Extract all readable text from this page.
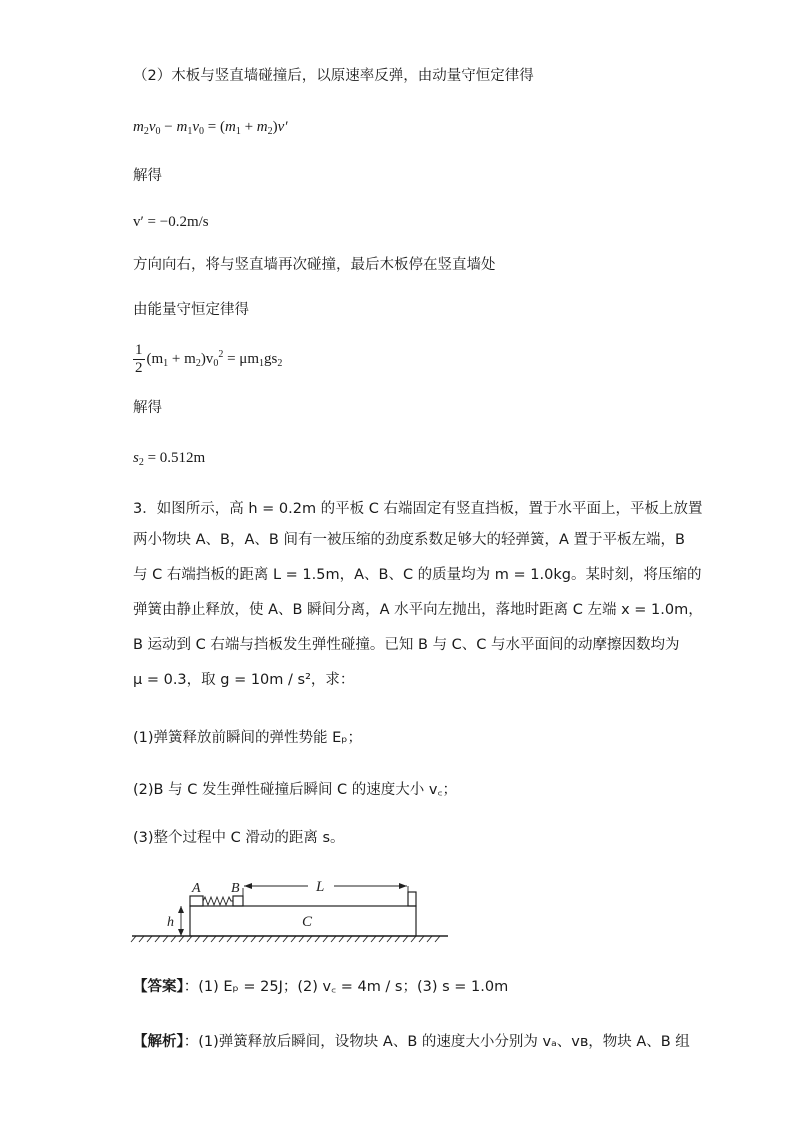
（2）木板与竖直墙碰撞后，以原速率反弹，由动量守恒定律得
$m_2v_0 - m_1v_0 = (m_1 + m_2)v'$
解得
v′ = −0.2m/s
方向向右，将与竖直墙再次碰撞，最后木板停在竖直墙处
由能量守恒定律得
$\frac{1}{2} (m_1 + m_2)v_0^2 = \mu m_1gs_2$
解得
$s_2 = 0.512m$
3．如图所示，高 h = 0.2m 的平板 C 右端固定有竖直挡板，置于水平面上，平板上放置
两小物块 A、B，A、B 间有一被压缩的劲度系数足够大的轻弹簧，A 置于平板左端，B
与 C 右端挡板的距离 L = 1.5m，A、B、C 的质量均为 m = 1.0kg。某时刻，将压缩的
弹簧由静止释放，使 A、B 瞬间分离，A 水平向左抛出，落地时距离 C 左端 x = 1.0m，
B 运动到 C 右端与挡板发生弹性碰撞。已知 B 与 C、C 与水平面间的动摩擦因数均为
μ = 0.3，取 g = 10m / s²，求：
(1)弹簧释放前瞬间的弹性势能 Eₚ；
(2)B 与 C 发生弹性碰撞后瞬间 C 的速度大小 v꜀；
(3)整个过程中 C 滑动的距离 s。
A B	L
h	C
【答案】：(1) Eₚ = 25J；(2) v꜀ = 4m / s；(3) s = 1.0m
【解析】：(1)弹簧释放后瞬间，设物块 A、B 的速度大小分别为 vₐ、vʙ，物块 A、B 组
